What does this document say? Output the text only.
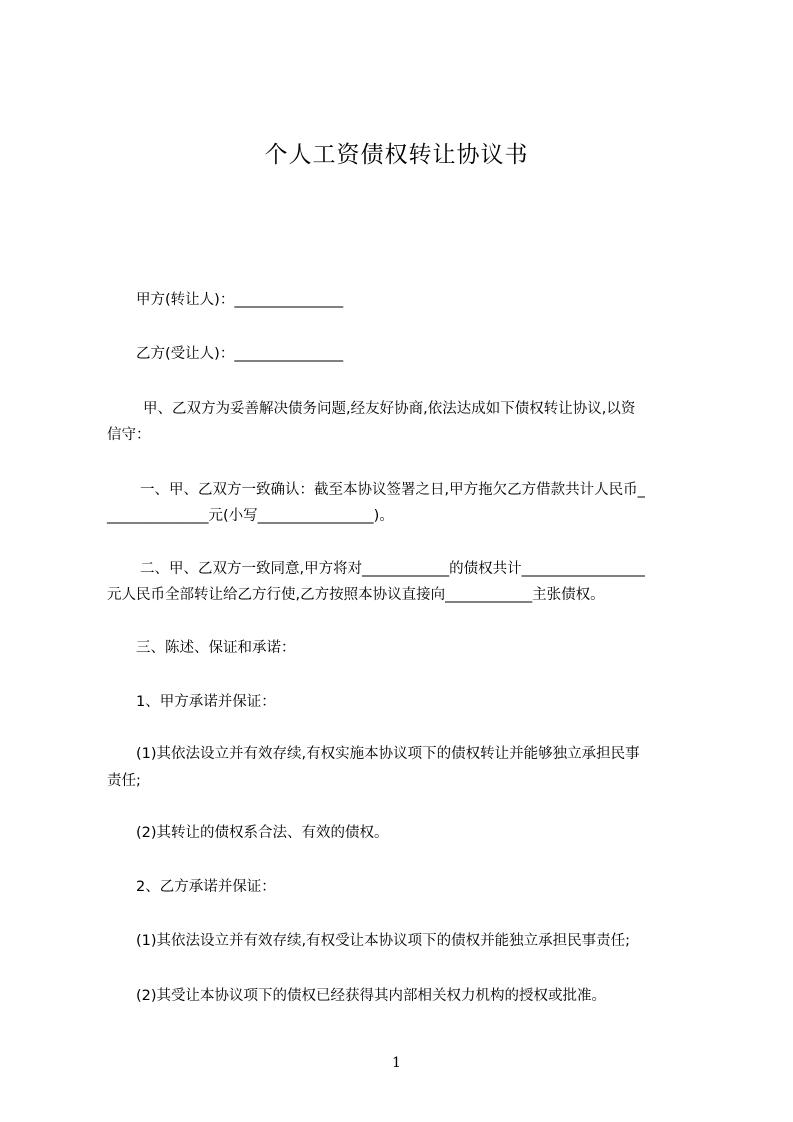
个人工资债权转让协议书
甲方(转让人)：_______________
乙方(受让人)：_______________
甲、乙双方为妥善解决债务问题,经友好协商,依法达成如下债权转让协议,以资
信守：
一、甲、乙双方一致确认：截至本协议签署之日,甲方拖欠乙方借款共计人民币_
______________元(小写________________)。
二、甲、乙双方一致同意,甲方将对____________的债权共计_________________
元人民币全部转让给乙方行使,乙方按照本协议直接向____________主张债权。
三、陈述、保证和承诺：
1、甲方承诺并保证：
(1)其依法设立并有效存续,有权实施本协议项下的债权转让并能够独立承担民事
责任;
(2)其转让的债权系合法、有效的债权。
2、乙方承诺并保证：
(1)其依法设立并有效存续,有权受让本协议项下的债权并能独立承担民事责任;
(2)其受让本协议项下的债权已经获得其内部相关权力机构的授权或批准。
1
